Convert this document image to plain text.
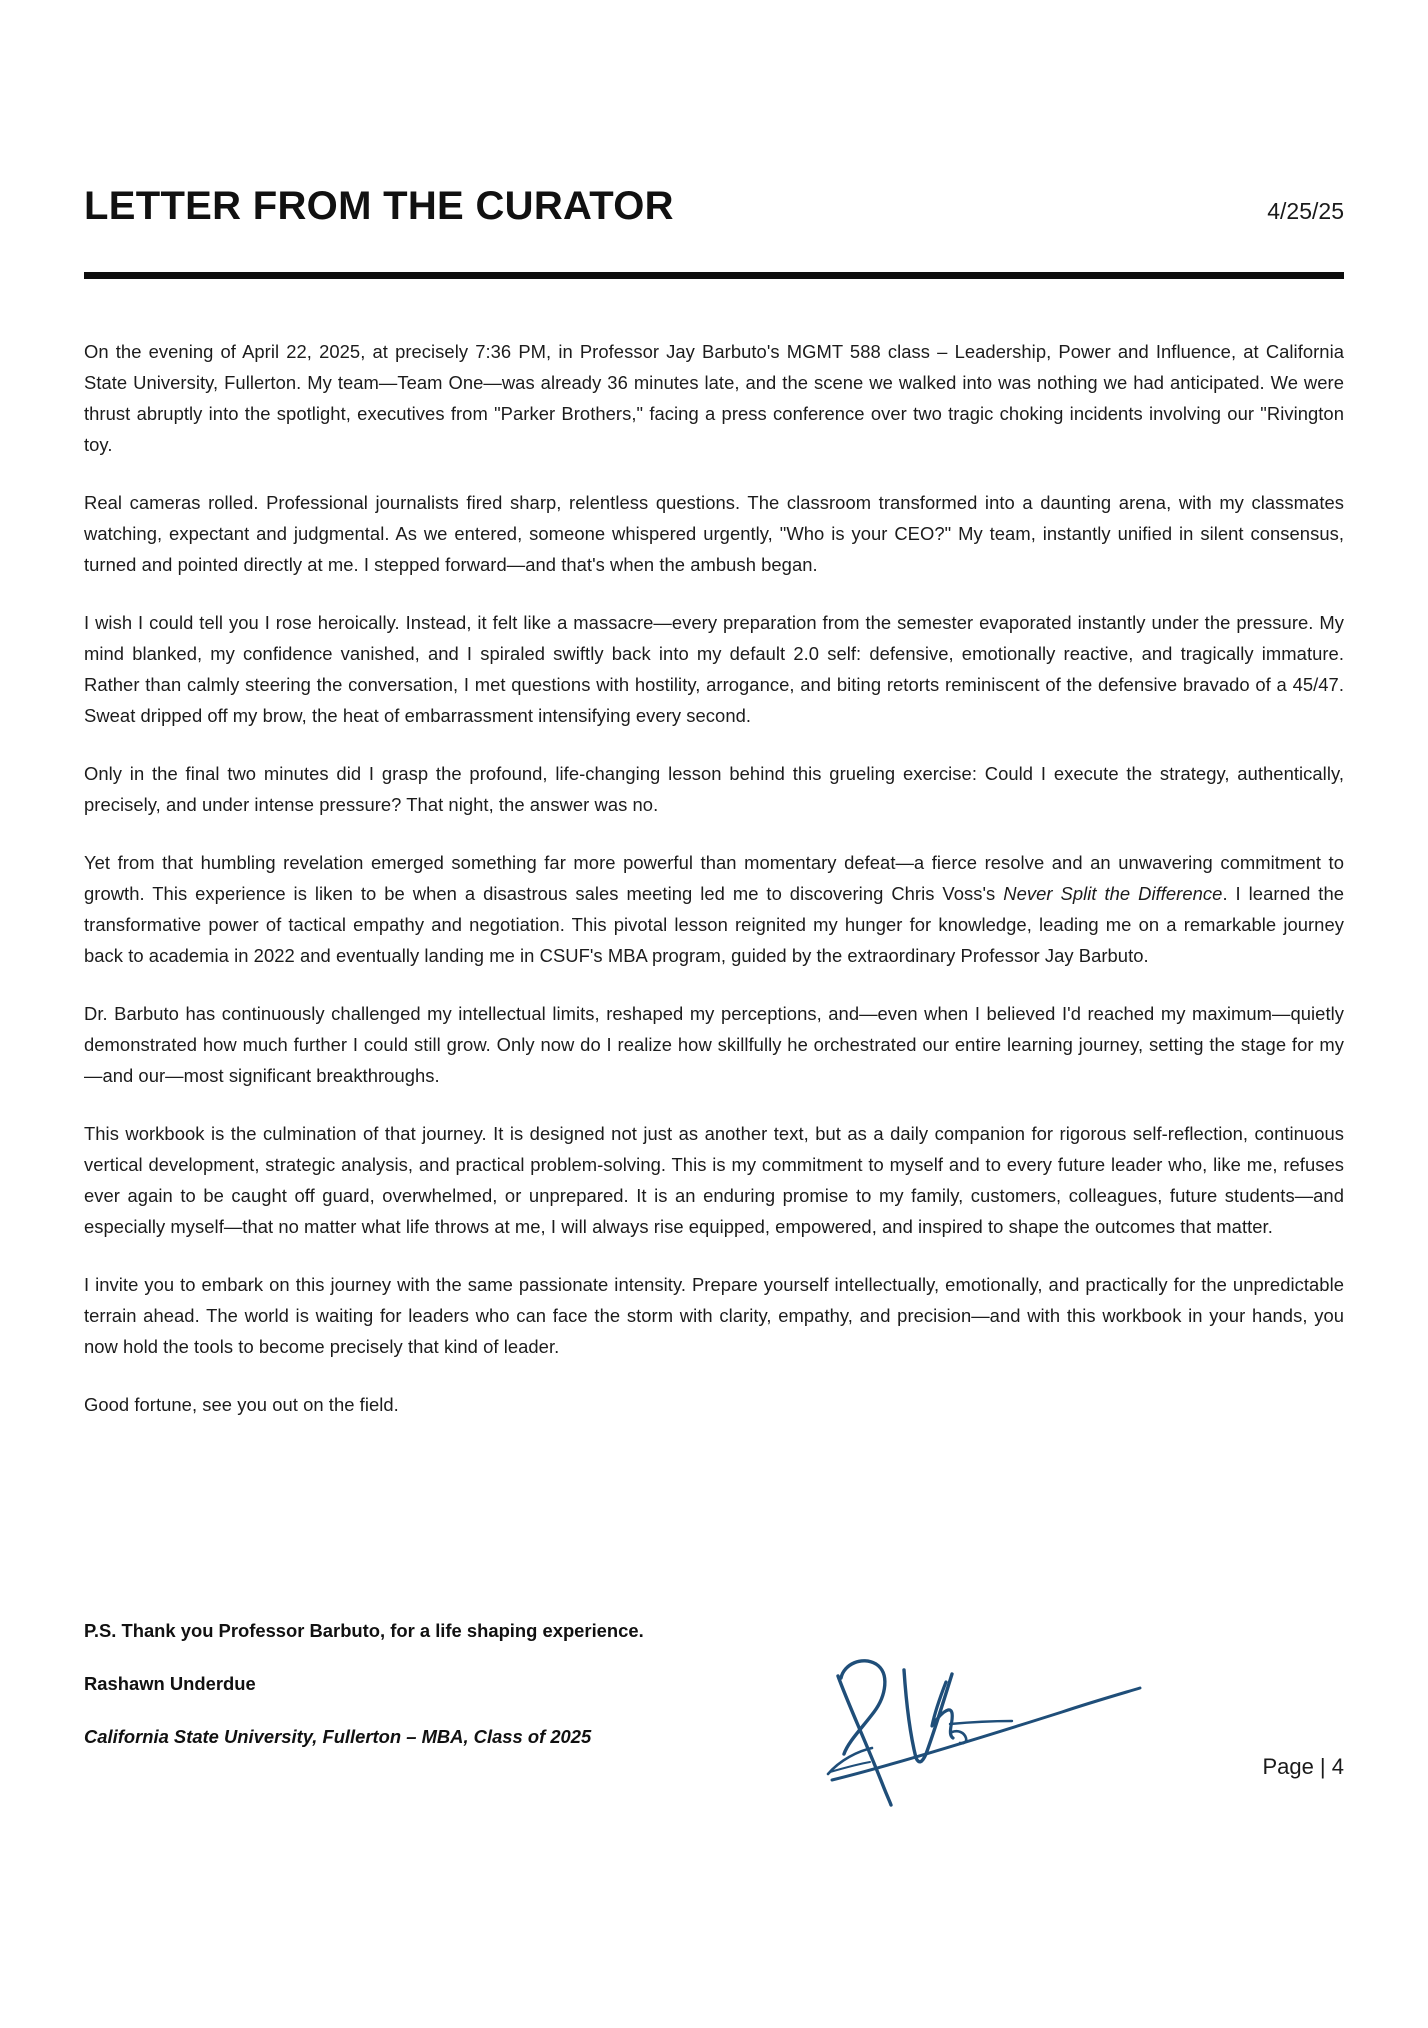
LETTER FROM THE CURATOR	4/25/25

On the evening of April 22, 2025, at precisely 7:36 PM, in Professor Jay Barbuto's MGMT 588 class – Leadership, Power and Influence, at California State University, Fullerton. My team—Team One—was already 36 minutes late, and the scene we walked into was nothing we had anticipated. We were thrust abruptly into the spotlight, executives from "Parker Brothers," facing a press conference over two tragic choking incidents involving our "Rivington toy.

Real cameras rolled. Professional journalists fired sharp, relentless questions. The classroom transformed into a daunting arena, with my classmates watching, expectant and judgmental. As we entered, someone whispered urgently, "Who is your CEO?" My team, instantly unified in silent consensus, turned and pointed directly at me. I stepped forward—and that's when the ambush began.

I wish I could tell you I rose heroically. Instead, it felt like a massacre—every preparation from the semester evaporated instantly under the pressure. My mind blanked, my confidence vanished, and I spiraled swiftly back into my default 2.0 self: defensive, emotionally reactive, and tragically immature. Rather than calmly steering the conversation, I met questions with hostility, arrogance, and biting retorts reminiscent of the defensive bravado of a 45/47. Sweat dripped off my brow, the heat of embarrassment intensifying every second.

Only in the final two minutes did I grasp the profound, life-changing lesson behind this grueling exercise: Could I execute the strategy, authentically, precisely, and under intense pressure? That night, the answer was no.

Yet from that humbling revelation emerged something far more powerful than momentary defeat—a fierce resolve and an unwavering commitment to growth. This experience is liken to be when a disastrous sales meeting led me to discovering Chris Voss's Never Split the Difference. I learned the transformative power of tactical empathy and negotiation. This pivotal lesson reignited my hunger for knowledge, leading me on a remarkable journey back to academia in 2022 and eventually landing me in CSUF's MBA program, guided by the extraordinary Professor Jay Barbuto.

Dr. Barbuto has continuously challenged my intellectual limits, reshaped my perceptions, and—even when I believed I'd reached my maximum—quietly demonstrated how much further I could still grow. Only now do I realize how skillfully he orchestrated our entire learning journey, setting the stage for my—and our—most significant breakthroughs.

This workbook is the culmination of that journey. It is designed not just as another text, but as a daily companion for rigorous self-reflection, continuous vertical development, strategic analysis, and practical problem-solving. This is my commitment to myself and to every future leader who, like me, refuses ever again to be caught off guard, overwhelmed, or unprepared. It is an enduring promise to my family, customers, colleagues, future students—and especially myself—that no matter what life throws at me, I will always rise equipped, empowered, and inspired to shape the outcomes that matter.

I invite you to embark on this journey with the same passionate intensity. Prepare yourself intellectually, emotionally, and practically for the unpredictable terrain ahead. The world is waiting for leaders who can face the storm with clarity, empathy, and precision—and with this workbook in your hands, you now hold the tools to become precisely that kind of leader.

Good fortune, see you out on the field.

P.S. Thank you Professor Barbuto, for a life shaping experience.
Rashawn Underdue
California State University, Fullerton – MBA, Class of 2025
Page | 4
